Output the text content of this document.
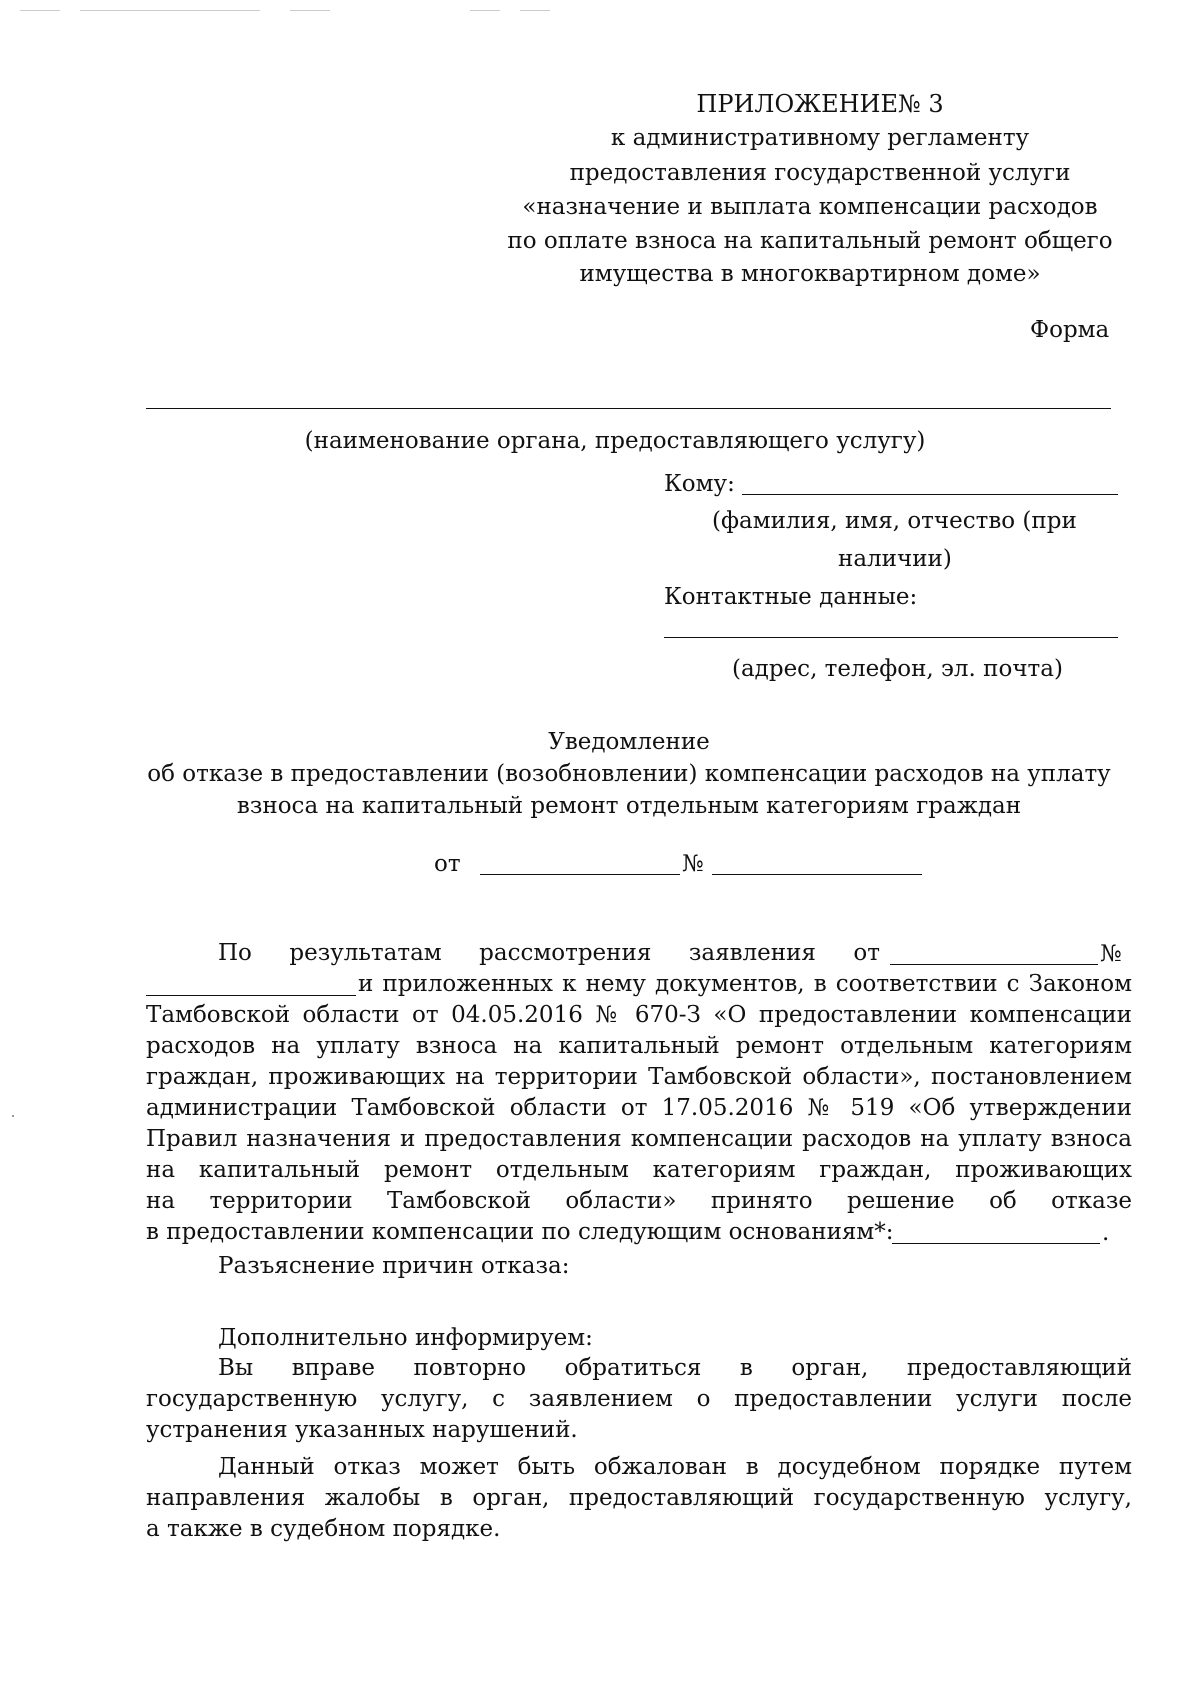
ПРИЛОЖЕНИЕ№ 3
к административному регламенту
предоставления государственной услуги
«назначение и выплата компенсации расходов
по оплате взноса на капитальный ремонт общего
имущества в многоквартирном доме»
Форма
(наименование органа, предоставляющего услугу)
Кому:
(фамилия, имя, отчество (при
наличии)
Контактные данные:
(адрес, телефон, эл. почта)
Уведомление
об отказе в предоставлении (возобновлении) компенсации расходов на уплату
взноса на капитальный ремонт отдельным категориям граждан
от	№
По результатам рассмотрения заявления от	№
и приложенных к нему документов, в соответствии с Законом
Тамбовской области от 04.05.2016 № 670-З «О предоставлении компенсации
расходов на уплату взноса на капитальный ремонт отдельным категориям
граждан, проживающих на территории Тамбовской области», постановлением
администрации Тамбовской области от 17.05.2016 № 519 «Об утверждении
Правил назначения и предоставления компенсации расходов на уплату взноса
на капитальный ремонт отдельным категориям граждан, проживающих
на территории Тамбовской области» принято решение об отказе
в предоставлении компенсации по следующим основаниям*:	.
Разъяснение причин отказа:
Дополнительно информируем:
Вы вправе повторно обратиться в орган, предоставляющий
государственную услугу, с заявлением о предоставлении услуги после
устранения указанных нарушений.
Данный отказ может быть обжалован в досудебном порядке путем
направления жалобы в орган, предоставляющий государственную услугу,
а также в судебном порядке.
